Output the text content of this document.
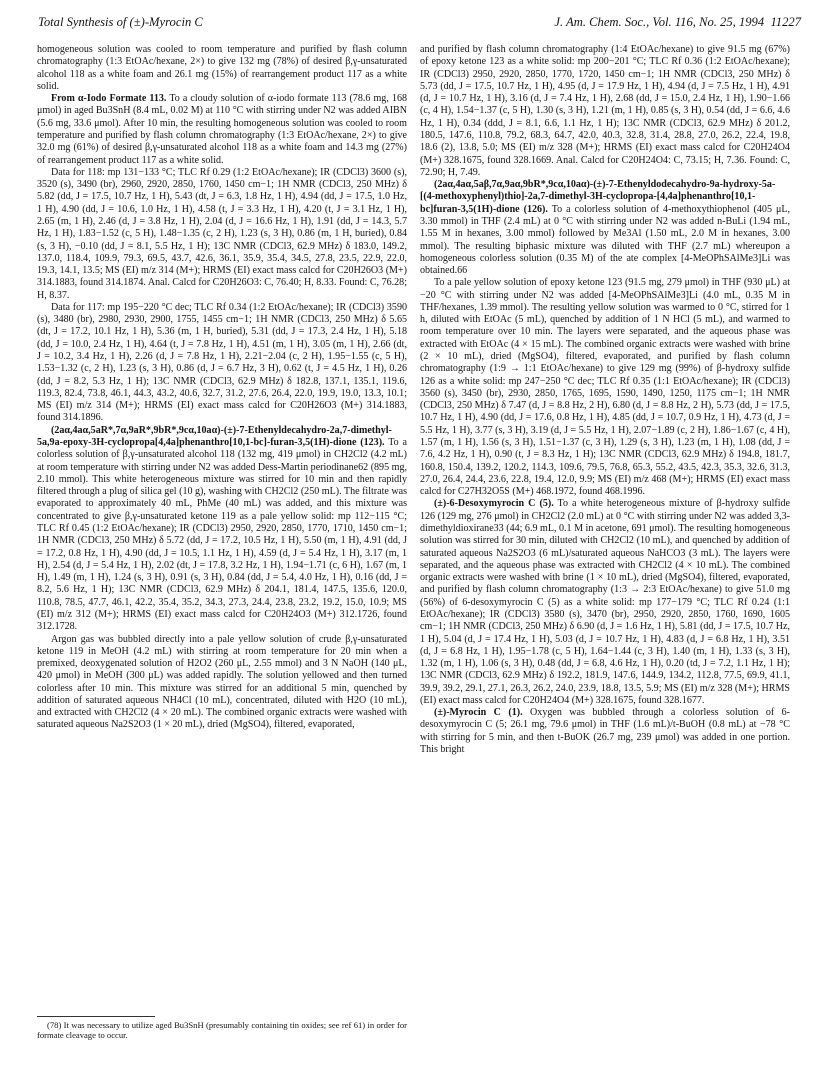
Total Synthesis of (±)-Myrocin C	J. Am. Chem. Soc., Vol. 116, No. 25, 1994 11227

homogeneous solution was cooled to room temperature and purified by flash column chromatography (1:3 EtOAc/hexane, 2×) to give 132 mg (78%) of desired β,γ-unsaturated alcohol 118 as a white foam and 26.1 mg (15%) of rearrangement product 117 as a white solid.

From α-Iodo Formate 113. To a cloudy solution of α-iodo formate 113 (78.6 mg, 168 μmol) in aged Bu3SnH (8.4 mL, 0.02 M) at 110 °C with stirring under N2 was added AIBN (5.6 mg, 33.6 μmol). After 10 min, the resulting homogeneous solution was cooled to room temperature and purified by flash column chromatography (1:3 EtOAc/hexane, 2×) to give 32.0 mg (61%) of desired β,γ-unsaturated alcohol 118 as a white foam and 14.3 mg (27%) of rearrangement product 117 as a white solid.

Data for 118: mp 131−133 °C; TLC Rf 0.29 (1:2 EtOAc/hexane); IR (CDCl3) 3600 (s), 3520 (s), 3490 (br), 2960, 2920, 2850, 1760, 1450 cm−1; 1H NMR (CDCl3, 250 MHz) δ 5.82 (dd, J = 17.5, 10.7 Hz, 1 H), 5.43 (dt, J = 6.3, 1.8 Hz, 1 H), 4.94 (dd, J = 17.5, 1.0 Hz, 1 H), 4.90 (dd, J = 10.6, 1.0 Hz, 1 H), 4.58 (t, J = 3.3 Hz, 1 H), 4.20 (t, J = 3.1 Hz, 1 H), 2.65 (m, 1 H), 2.46 (d, J = 3.8 Hz, 1 H), 2.04 (d, J = 16.6 Hz, 1 H), 1.91 (dd, J = 14.3, 5.7 Hz, 1 H), 1.83−1.52 (c, 5 H), 1.48−1.35 (c, 2 H), 1.23 (s, 3 H), 0.86 (m, 1 H, buried), 0.84 (s, 3 H), −0.10 (dd, J = 8.1, 5.5 Hz, 1 H); 13C NMR (CDCl3, 62.9 MHz) δ 183.0, 149.2, 137.0, 118.4, 109.9, 79.3, 69.5, 43.7, 42.6, 36.1, 35.9, 35.4, 34.5, 27.8, 23.5, 22.9, 22.0, 19.3, 14.1, 13.5; MS (EI) m/z 314 (M+); HRMS (EI) exact mass calcd for C20H26O3 (M+) 314.1883, found 314.1874. Anal. Calcd for C20H26O3: C, 76.40; H, 8.33. Found: C, 76.28; H, 8.37.

Data for 117: mp 195−220 °C dec; TLC Rf 0.34 (1:2 EtOAc/hexane); IR (CDCl3) 3590 (s), 3480 (br), 2980, 2930, 2900, 1755, 1455 cm−1; 1H NMR (CDCl3, 250 MHz) δ 5.65 (dt, J = 17.2, 10.1 Hz, 1 H), 5.36 (m, 1 H, buried), 5.31 (dd, J = 17.3, 2.4 Hz, 1 H), 5.18 (dd, J = 10.0, 2.4 Hz, 1 H), 4.64 (t, J = 7.8 Hz, 1 H), 4.51 (m, 1 H), 3.05 (m, 1 H), 2.66 (dt, J = 10.2, 3.4 Hz, 1 H), 2.26 (d, J = 7.8 Hz, 1 H), 2.21−2.04 (c, 2 H), 1.95−1.55 (c, 5 H), 1.53−1.32 (c, 2 H), 1.23 (s, 3 H), 0.86 (d, J = 6.7 Hz, 3 H), 0.62 (t, J = 4.5 Hz, 1 H), 0.26 (dd, J = 8.2, 5.3 Hz, 1 H); 13C NMR (CDCl3, 62.9 MHz) δ 182.8, 137.1, 135.1, 119.6, 119.3, 82.4, 73.8, 46.1, 44.3, 43.2, 40.6, 32.7, 31.2, 27.6, 26.4, 22.0, 19.9, 19.0, 13.3, 10.1; MS (EI) m/z 314 (M+); HRMS (EI) exact mass calcd for C20H26O3 (M+) 314.1883, found 314.1896.

(2aα,4aα,5aR*,7α,9aR*,9bR*,9cα,10aα)-(±)-7-Ethenyldecahydro-2a,7-dimethyl-5a,9a-epoxy-3H-cyclopropa[4,4a]phenanthro[10,1-bc]-furan-3,5(1H)-dione (123). To a colorless solution of β,γ-unsaturated alcohol 118 (132 mg, 419 μmol) in CH2Cl2 (4.2 mL) at room temperature with stirring under N2 was added Dess-Martin periodinane62 (895 mg, 2.10 mmol). This white heterogeneous mixture was stirred for 10 min and then rapidly filtered through a plug of silica gel (10 g), washing with CH2Cl2 (250 mL). The filtrate was evaporated to approximately 40 mL, PhMe (40 mL) was added, and this mixture was concentrated to give β,γ-unsaturated ketone 119 as a pale yellow solid: mp 112−115 °C; TLC Rf 0.45 (1:2 EtOAc/hexane); IR (CDCl3) 2950, 2920, 2850, 1770, 1710, 1450 cm−1; 1H NMR (CDCl3, 250 MHz) δ 5.72 (dd, J = 17.2, 10.5 Hz, 1 H), 5.50 (m, 1 H), 4.91 (dd, J = 17.2, 0.8 Hz, 1 H), 4.90 (dd, J = 10.5, 1.1 Hz, 1 H), 4.59 (d, J = 5.4 Hz, 1 H), 3.17 (m, 1 H), 2.54 (d, J = 5.4 Hz, 1 H), 2.02 (dt, J = 17.8, 3.2 Hz, 1 H), 1.94−1.71 (c, 6 H), 1.67 (m, 1 H), 1.49 (m, 1 H), 1.24 (s, 3 H), 0.91 (s, 3 H), 0.84 (dd, J = 5.4, 4.0 Hz, 1 H), 0.16 (dd, J = 8.2, 5.6 Hz, 1 H); 13C NMR (CDCl3, 62.9 MHz) δ 204.1, 181.4, 147.5, 135.6, 120.0, 110.8, 78.5, 47.7, 46.1, 42.2, 35.4, 35.2, 34.3, 27.3, 24.4, 23.8, 23.2, 19.2, 15.0, 10.9; MS (EI) m/z 312 (M+); HRMS (EI) exact mass calcd for C20H24O3 (M+) 312.1726, found 312.1728.

Argon gas was bubbled directly into a pale yellow solution of crude β,γ-unsaturated ketone 119 in MeOH (4.2 mL) with stirring at room temperature for 20 min when a premixed, deoxygenated solution of H2O2 (260 μL, 2.55 mmol) and 3 N NaOH (140 μL, 420 μmol) in MeOH (300 μL) was added rapidly. The solution yellowed and then turned colorless after 10 min. This mixture was stirred for an additional 5 min, quenched by addition of saturated aqueous NH4Cl (10 mL), concentrated, diluted with H2O (10 mL), and extracted with CH2Cl2 (4 × 20 mL). The combined organic extracts were washed with saturated aqueous Na2S2O3 (1 × 20 mL), dried (MgSO4), filtered, evaporated,

(78) It was necessary to utilize aged Bu3SnH (presumably containing tin oxides; see ref 61) in order for formate cleavage to occur.

and purified by flash column chromatography (1:4 EtOAc/hexane) to give 91.5 mg (67%) of epoxy ketone 123 as a white solid: mp 200−201 °C; TLC Rf 0.36 (1:2 EtOAc/hexane); IR (CDCl3) 2950, 2920, 2850, 1770, 1720, 1450 cm−1; 1H NMR (CDCl3, 250 MHz) δ 5.73 (dd, J = 17.5, 10.7 Hz, 1 H), 4.95 (d, J = 17.9 Hz, 1 H), 4.94 (d, J = 7.5 Hz, 1 H), 4.91 (d, J = 10.7 Hz, 1 H), 3.16 (d, J = 7.4 Hz, 1 H), 2.68 (dd, J = 15.0, 2.4 Hz, 1 H), 1.90−1.66 (c, 4 H), 1.54−1.37 (c, 5 H), 1.30 (s, 3 H), 1.21 (m, 1 H), 0.85 (s, 3 H), 0.54 (dd, J = 6.6, 4.6 Hz, 1 H), 0.34 (ddd, J = 8.1, 6.6, 1.1 Hz, 1 H); 13C NMR (CDCl3, 62.9 MHz) δ 201.2, 180.5, 147.6, 110.8, 79.2, 68.3, 64.7, 42.0, 40.3, 32.8, 31.4, 28.8, 27.0, 26.2, 22.4, 19.8, 18.6 (2), 13.8, 5.0; MS (EI) m/z 328 (M+); HRMS (EI) exact mass calcd for C20H24O4 (M+) 328.1675, found 328.1669. Anal. Calcd for C20H24O4: C, 73.15; H, 7.36. Found: C, 72.90; H, 7.49.

(2aα,4aα,5aβ,7α,9aα,9bR*,9cα,10aα)-(±)-7-Ethenyldodecahydro-9a-hydroxy-5a-[(4-methoxyphenyl)thio]-2a,7-dimethyl-3H-cyclopropa-[4,4a]phenanthro[10,1-bc]furan-3,5(1H)-dione (126). To a colorless solution of 4-methoxythiophenol (405 μL, 3.30 mmol) in THF (2.4 mL) at 0 °C with stirring under N2 was added n-BuLi (1.94 mL, 1.55 M in hexanes, 3.00 mmol) followed by Me3Al (1.50 mL, 2.0 M in hexanes, 3.00 mmol). The resulting biphasic mixture was diluted with THF (2.7 mL) whereupon a homogeneous colorless solution (0.35 M) of the ate complex [4-MeOPhSAlMe3]Li was obtained.66

To a pale yellow solution of epoxy ketone 123 (91.5 mg, 279 μmol) in THF (930 μL) at −20 °C with stirring under N2 was added [4-MeOPhSAlMe3]Li (4.0 mL, 0.35 M in THF/hexanes, 1.39 mmol). The resulting yellow solution was warmed to 0 °C, stirred for 1 h, diluted with EtOAc (5 mL), quenched by addition of 1 N HCl (5 mL), and warmed to room temperature over 10 min. The layers were separated, and the aqueous phase was extracted with EtOAc (4 × 15 mL). The combined organic extracts were washed with brine (2 × 10 mL), dried (MgSO4), filtered, evaporated, and purified by flash column chromatography (1:9 → 1:1 EtOAc/hexane) to give 129 mg (99%) of β-hydroxy sulfide 126 as a white solid: mp 247−250 °C dec; TLC Rf 0.35 (1:1 EtOAc/hexane); IR (CDCl3) 3560 (s), 3450 (br), 2930, 2850, 1765, 1695, 1590, 1490, 1250, 1175 cm−1; 1H NMR (CDCl3, 250 MHz) δ 7.47 (d, J = 8.8 Hz, 2 H), 6.80 (d, J = 8.8 Hz, 2 H), 5.73 (dd, J = 17.5, 10.7 Hz, 1 H), 4.90 (dd, J = 17.6, 0.8 Hz, 1 H), 4.85 (dd, J = 10.7, 0.9 Hz, 1 H), 4.73 (d, J = 5.5 Hz, 1 H), 3.77 (s, 3 H), 3.19 (d, J = 5.5 Hz, 1 H), 2.07−1.89 (c, 2 H), 1.86−1.67 (c, 4 H), 1.57 (m, 1 H), 1.56 (s, 3 H), 1.51−1.37 (c, 3 H), 1.29 (s, 3 H), 1.23 (m, 1 H), 1.08 (dd, J = 7.6, 4.2 Hz, 1 H), 0.90 (t, J = 8.3 Hz, 1 H); 13C NMR (CDCl3, 62.9 MHz) δ 194.8, 181.7, 160.8, 150.4, 139.2, 120.2, 114.3, 109.6, 79.5, 76.8, 65.3, 55.2, 43.5, 42.3, 35.3, 32.6, 31.3, 27.0, 26.4, 24.4, 23.6, 22.8, 19.4, 12.0, 9.9; MS (EI) m/z 468 (M+); HRMS (EI) exact mass calcd for C27H32O5S (M+) 468.1972, found 468.1996.

(±)-6-Desoxymyrocin C (5). To a white heterogeneous mixture of β-hydroxy sulfide 126 (129 mg, 276 μmol) in CH2Cl2 (2.0 mL) at 0 °C with stirring under N2 was added 3,3-dimethyldioxirane33 (44; 6.9 mL, 0.1 M in acetone, 691 μmol). The resulting homogeneous solution was stirred for 30 min, diluted with CH2Cl2 (10 mL), and quenched by addition of saturated aqueous Na2S2O3 (6 mL)/saturated aqueous NaHCO3 (3 mL). The layers were separated, and the aqueous phase was extracted with CH2Cl2 (4 × 10 mL). The combined organic extracts were washed with brine (1 × 10 mL), dried (MgSO4), filtered, evaporated, and purified by flash column chromatography (1:3 → 2:3 EtOAc/hexane) to give 51.0 mg (56%) of 6-desoxymyrocin C (5) as a white solid: mp 177−179 °C; TLC Rf 0.24 (1:1 EtOAc/hexane); IR (CDCl3) 3580 (s), 3470 (br), 2950, 2920, 2850, 1760, 1690, 1605 cm−1; 1H NMR (CDCl3, 250 MHz) δ 6.90 (d, J = 1.6 Hz, 1 H), 5.81 (dd, J = 17.5, 10.7 Hz, 1 H), 5.04 (d, J = 17.4 Hz, 1 H), 5.03 (d, J = 10.7 Hz, 1 H), 4.83 (d, J = 6.8 Hz, 1 H), 3.51 (d, J = 6.8 Hz, 1 H), 1.95−1.78 (c, 5 H), 1.64−1.44 (c, 3 H), 1.40 (m, 1 H), 1.33 (s, 3 H), 1.32 (m, 1 H), 1.06 (s, 3 H), 0.48 (dd, J = 6.8, 4.6 Hz, 1 H), 0.20 (td, J = 7.2, 1.1 Hz, 1 H); 13C NMR (CDCl3, 62.9 MHz) δ 192.2, 181.9, 147.6, 144.9, 134.2, 112.8, 77.5, 69.9, 41.1, 39.9, 39.2, 29.1, 27.1, 26.3, 26.2, 24.0, 23.9, 18.8, 13.5, 5.9; MS (EI) m/z 328 (M+); HRMS (EI) exact mass calcd for C20H24O4 (M+) 328.1675, found 328.1677.

(±)-Myrocin C (1). Oxygen was bubbled through a colorless solution of 6-desoxymyrocin C (5; 26.1 mg, 79.6 μmol) in THF (1.6 mL)/t-BuOH (0.8 mL) at −78 °C with stirring for 5 min, and then t-BuOK (26.7 mg, 239 μmol) was added in one portion. This bright
